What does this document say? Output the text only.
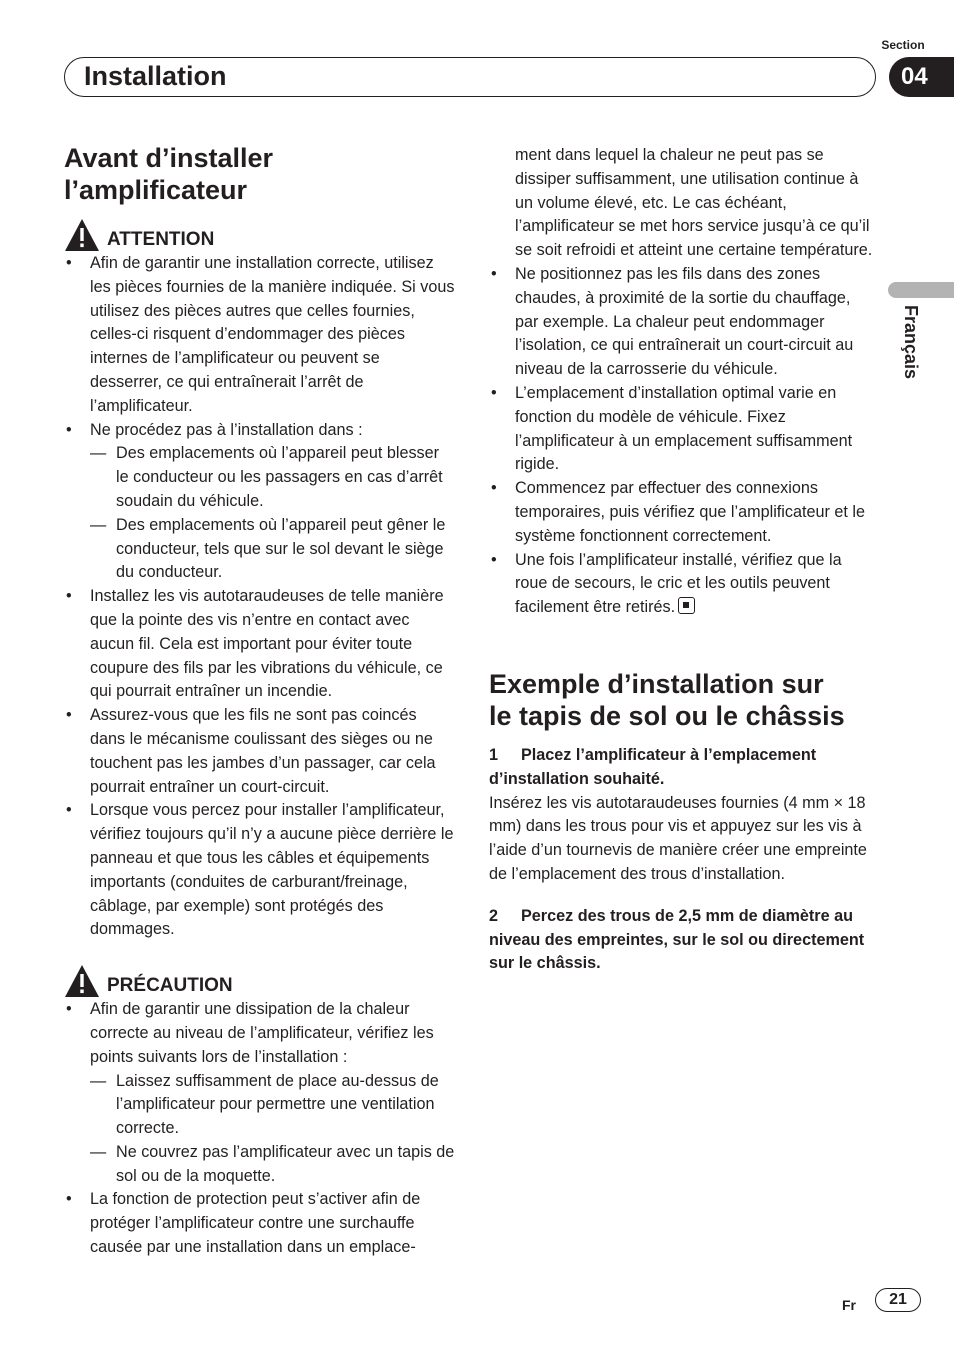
Section
Installation	04
Français
Avant d’installer
l’amplificateur
ATTENTION
• Afin de garantir une installation correcte, utilisez les pièces fournies de la manière indiquée. Si vous utilisez des pièces autres que celles fournies, celles-ci risquent d’endommager des pièces internes de l’amplificateur ou peuvent se desserrer, ce qui entraînerait l’arrêt de l’amplificateur.
• Ne procédez pas à l’installation dans :
— Des emplacements où l’appareil peut blesser le conducteur ou les passagers en cas d’arrêt soudain du véhicule.
— Des emplacements où l’appareil peut gêner le conducteur, tels que sur le sol devant le siège du conducteur.
• Installez les vis autotaraudeuses de telle manière que la pointe des vis n’entre en contact avec aucun fil. Cela est important pour éviter toute coupure des fils par les vibrations du véhicule, ce qui pourrait entraîner un incendie.
• Assurez-vous que les fils ne sont pas coincés dans le mécanisme coulissant des sièges ou ne touchent pas les jambes d’un passager, car cela pourrait entraîner un court-circuit.
• Lorsque vous percez pour installer l’amplificateur, vérifiez toujours qu’il n’y a aucune pièce derrière le panneau et que tous les câbles et équipements importants (conduites de carburant/freinage, câblage, par exemple) sont protégés des dommages.
PRÉCAUTION
• Afin de garantir une dissipation de la chaleur correcte au niveau de l’amplificateur, vérifiez les points suivants lors de l’installation :
— Laissez suffisamment de place au-dessus de l’amplificateur pour permettre une ventilation correcte.
— Ne couvrez pas l’amplificateur avec un tapis de sol ou de la moquette.
• La fonction de protection peut s’activer afin de protéger l’amplificateur contre une surchauffe causée par une installation dans un emplace-
ment dans lequel la chaleur ne peut pas se dissiper suffisamment, une utilisation continue à un volume élevé, etc. Le cas échéant, l’amplificateur se met hors service jusqu’à ce qu’il se soit refroidi et atteint une certaine température.
• Ne positionnez pas les fils dans des zones chaudes, à proximité de la sortie du chauffage, par exemple. La chaleur peut endommager l’isolation, ce qui entraînerait un court-circuit au niveau de la carrosserie du véhicule.
• L’emplacement d’installation optimal varie en fonction du modèle de véhicule. Fixez l’amplificateur à un emplacement suffisamment rigide.
• Commencez par effectuer des connexions temporaires, puis vérifiez que l’amplificateur et le système fonctionnent correctement.
• Une fois l’amplificateur installé, vérifiez que la roue de secours, le cric et les outils peuvent facilement être retirés.
Exemple d’installation sur
le tapis de sol ou le châssis
1 Placez l’amplificateur à l’emplacement d’installation souhaité.
Insérez les vis autotaraudeuses fournies (4 mm × 18 mm) dans les trous pour vis et appuyez sur les vis à l’aide d’un tournevis de manière créer une empreinte de l’emplacement des trous d’installation.
2 Percez des trous de 2,5 mm de diamètre au niveau des empreintes, sur le sol ou directement sur le châssis.
Fr	21
